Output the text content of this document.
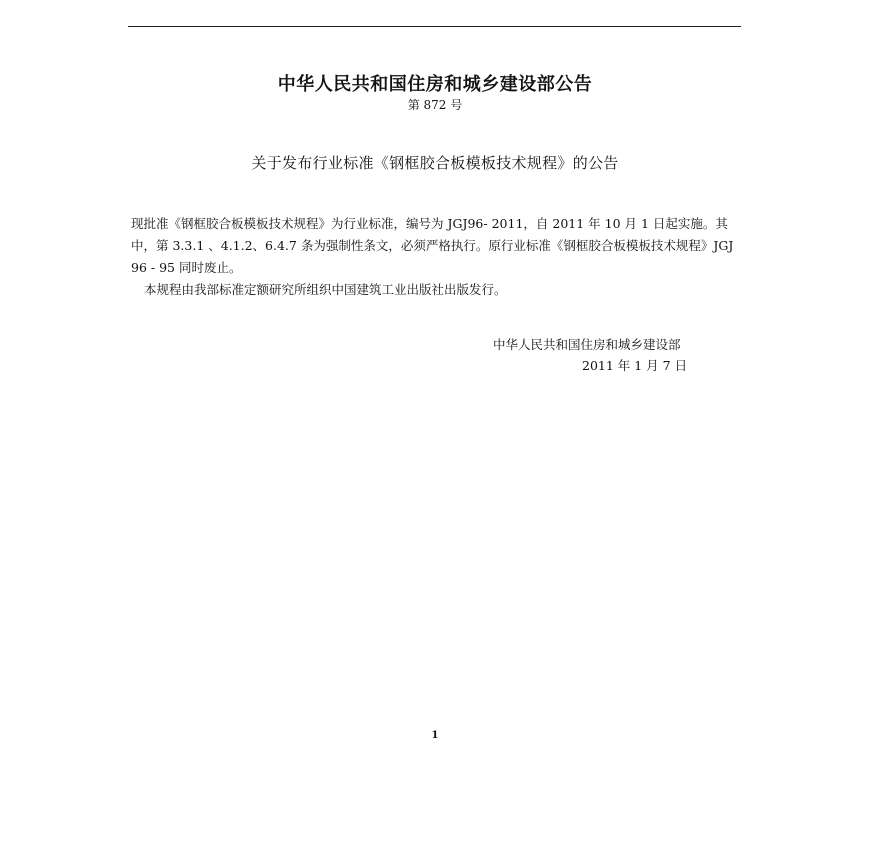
中华人民共和国住房和城乡建设部公告
第 872 号
关于发布行业标准《钢框胶合板模板技术规程》的公告

现批准《钢框胶合板模板技术规程》为行业标准，编号为 JGJ96- 2011，自 2011 年 10 月 1 日起实施。其中，第 3.3.1 、4.1.2、6.4.7 条为强制性条文，必须严格执行。原行业标准《钢框胶合板模板技术规程》JGJ 96 - 95 同时废止。

本规程由我部标准定额研究所组织中国建筑工业出版社出版发行。

中华人民共和国住房和城乡建设部
2011 年 1 月 7 日
1
